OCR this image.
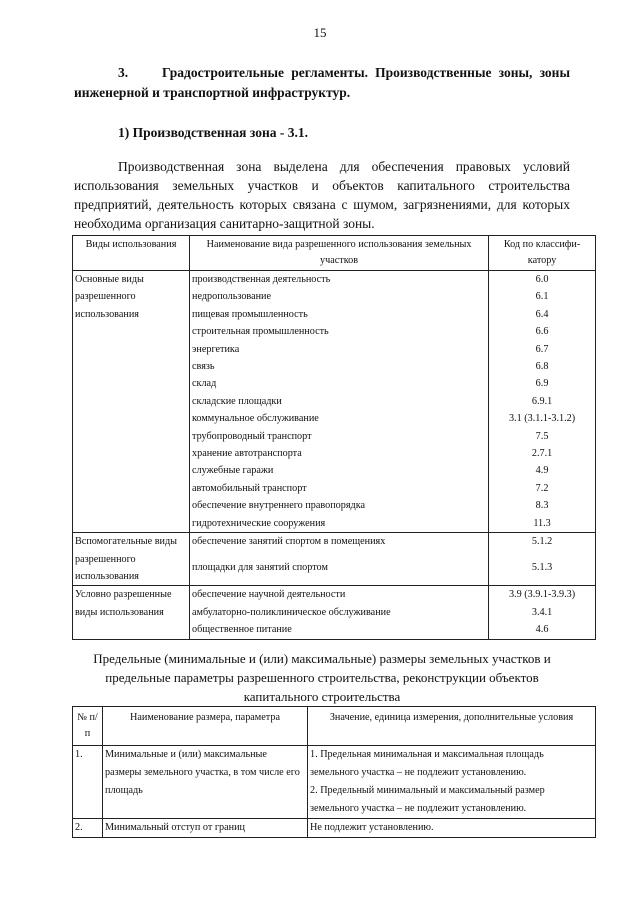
15
3.	Градостроительные регламенты. Производственные зоны, зоны инженерной и транспортной инфраструктур.
1) Производственная зона - 3.1.
Производственная зона выделена для обеспечения правовых условий использования земельных участков и объектов капитального строительства предприятий, деятельность которых связана с шумом, загрязнениями, для которых необходима организация санитарно-защитной зоны.
Виды использования	Наименование вида разрешенного использования земельных участков	Код по классифи-катору
Основные виды разрешенного использования	производственная деятельность	6.0
	недропользование	6.1
	пищевая промышленность	6.4
	строительная промышленность	6.6
	энергетика	6.7
	связь	6.8
	склад	6.9
	складские площадки	6.9.1
	коммунальное обслуживание	3.1 (3.1.1-3.1.2)
	трубопроводный транспорт	7.5
	хранение автотранспорта	2.7.1
	служебные гаражи	4.9
	автомобильный транспорт	7.2
	обеспечение внутреннего правопорядка	8.3
	гидротехнические сооружения	11.3
Вспомогательные виды разрешенного использования	обеспечение занятий спортом в помещениях	5.1.2
	площадки для занятий спортом	5.1.3

Условно разрешенные виды использования	обеспечение научной деятельности	3.9 (3.9.1-3.9.3)
	амбулаторно-поликлиническое обслуживание	3.4.1
	общественное питание	4.6
Предельные (минимальные и (или) максимальные) размеры земельных участков и предельные параметры разрешенного строительства, реконструкции объектов капитального строительства
№ п/п	Наименование размера, параметра	Значение, единица измерения, дополнительные условия
1.	Минимальные и (или) максимальные размеры земельного участка, в том числе его площадь	1. Предельная минимальная и максимальная площадь земельного участка – не подлежит установлению.
2. Предельный минимальный и максимальный размер земельного участка – не подлежит установлению.

2.	Минимальный отступ от границ	Не подлежит установлению.
